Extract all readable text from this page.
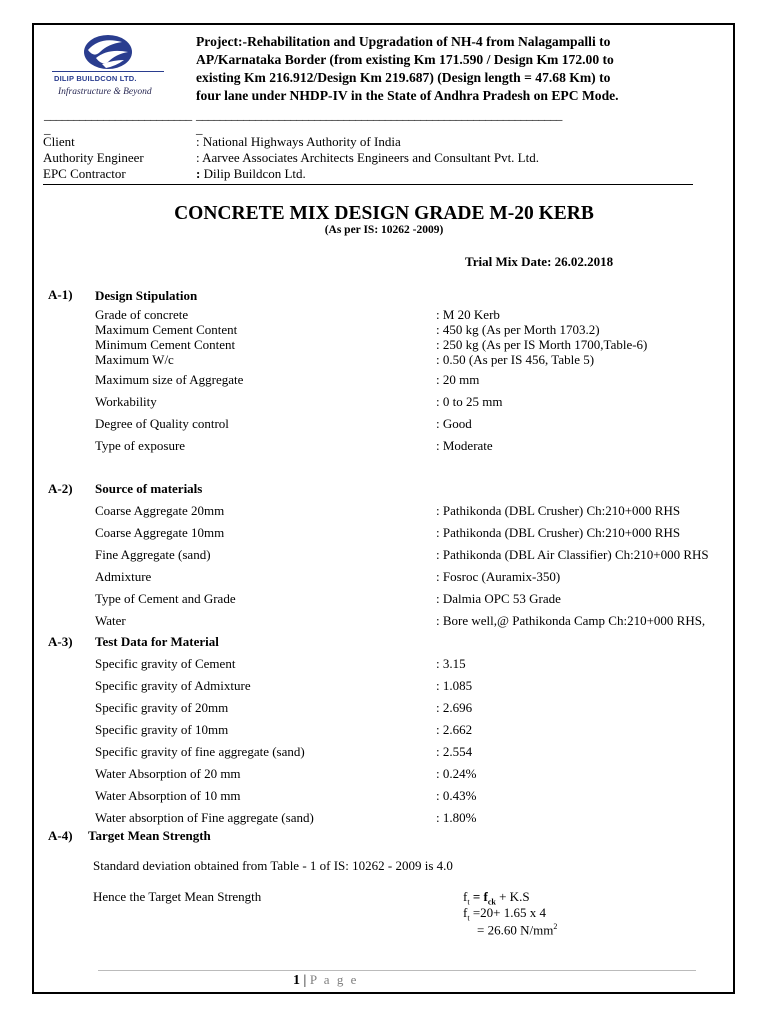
DILIP BUILDCON LTD.
Infrastructure & Beyond
Project:-Rehabilitation and Upgradation of NH-4 from Nalagampalli to
AP/Karnataka Border (from existing Km 171.590 / Design Km 172.00 to
existing Km 216.912/Design Km 219.687) (Design length = 47.68 Km) to
four lane under NHDP-IV in the State of Andhra Pradesh on EPC Mode.
_________________________ ______________________________________________________________
_	_
Client	: National Highways Authority of India
Authority Engineer	: Aarvee Associates Architects Engineers and Consultant Pvt. Ltd.
EPC Contractor	: Dilip Buildcon Ltd.
CONCRETE MIX DESIGN GRADE M-20 KERB
(As per IS: 10262 -2009)
Trial Mix Date: 26.02.2018
A-1) Design Stipulation
Grade of concrete	: M 20 Kerb
Maximum Cement Content	: 450 kg (As per Morth 1703.2)
Minimum Cement Content	: 250 kg (As per IS Morth 1700,Table-6)
Maximum W/c	: 0.50 (As per IS 456, Table 5)
Maximum size of Aggregate	: 20 mm
Workability	: 0 to 25 mm
Degree of Quality control	: Good
Type of exposure	: Moderate
A-2) Source of materials
Coarse Aggregate 20mm	: Pathikonda (DBL Crusher) Ch:210+000 RHS
Coarse Aggregate 10mm	: Pathikonda (DBL Crusher) Ch:210+000 RHS
Fine Aggregate (sand)	: Pathikonda (DBL Air Classifier) Ch:210+000 RHS
Admixture	: Fosroc (Auramix-350)
Type of Cement and Grade	: Dalmia OPC 53 Grade
Water	: Bore well,@ Pathikonda Camp Ch:210+000 RHS,
A-3) Test Data for Material
Specific gravity of Cement	: 3.15
Specific gravity of Admixture	: 1.085
Specific gravity of 20mm	: 2.696
Specific gravity of 10mm	: 2.662
Specific gravity of fine aggregate (sand)	: 2.554
Water Absorption of 20 mm	: 0.24%
Water Absorption of 10 mm	: 0.43%
Water absorption of Fine aggregate (sand)	: 1.80%
A-4) Target Mean Strength
Standard deviation obtained from Table - 1 of IS: 10262 - 2009 is 4.0
Hence the Target Mean Strength	$f_t = f_{ck} + K.S$
$f_t =20+ 1.65$ x 4
= 26.60 $N/mm^2$
1 | P a g e
